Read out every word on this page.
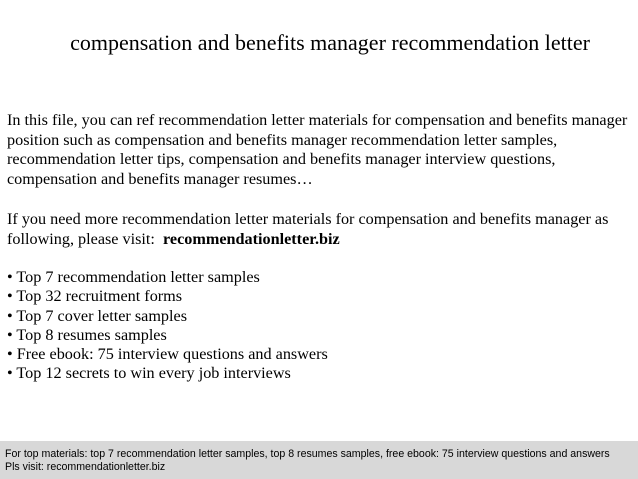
compensation and benefits manager recommendation letter
In this file, you can ref recommendation letter materials for compensation and benefits manager position such as compensation and benefits manager recommendation letter samples, recommendation letter tips, compensation and benefits manager interview questions, compensation and benefits manager resumes…
If you need more recommendation letter materials for compensation and benefits manager as following, please visit: recommendationletter.biz
• Top 7 recommendation letter samples
• Top 32 recruitment forms
• Top 7 cover letter samples
• Top 8 resumes samples
• Free ebook: 75 interview questions and answers
• Top 12 secrets to win every job interviews
For top materials: top 7 recommendation letter samples, top 8 resumes samples, free ebook: 75 interview questions and answers
Pls visit: recommendationletter.biz
